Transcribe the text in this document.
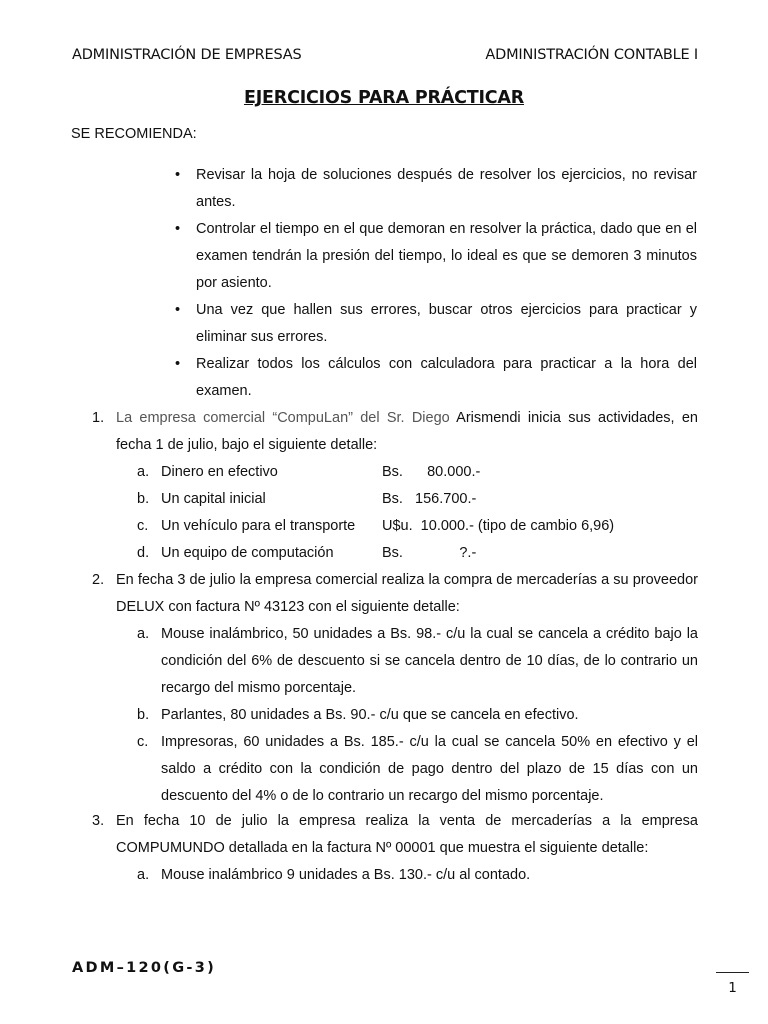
ADMINISTRACIÓN DE EMPRESAS	ADMINISTRACIÓN CONTABLE I
EJERCICIOS PARA PRÁCTICAR
SE RECOMIENDA:
• Revisar la hoja de soluciones después de resolver los ejercicios, no revisar antes.
• Controlar el tiempo en el que demoran en resolver la práctica, dado que en el examen tendrán la presión del tiempo, lo ideal es que se demoren 3 minutos por asiento.
• Una vez que hallen sus errores, buscar otros ejercicios para practicar y eliminar sus errores.
• Realizar todos los cálculos con calculadora para practicar a la hora del examen.
1. La empresa comercial “CompuLan” del Sr. Diego Arismendi inicia sus actividades, en fecha 1 de julio, bajo el siguiente detalle:
a. Dinero en efectivo	Bs.      80.000.-
b. Un capital inicial	Bs.   156.700.-
c. Un vehículo para el transporte U$u.  10.000.- (tipo de cambio 6,96)
d. Un equipo de computación	Bs.              ?.-
2. En fecha 3 de julio la empresa comercial realiza la compra de mercaderías a su proveedor DELUX con factura Nº 43123 con el siguiente detalle:
a. Mouse inalámbrico, 50 unidades a Bs. 98.- c/u la cual se cancela a crédito bajo la condición del 6% de descuento si se cancela dentro de 10 días, de lo contrario un recargo del mismo porcentaje.
b. Parlantes, 80 unidades a Bs. 90.- c/u que se cancela en efectivo.
c. Impresoras, 60 unidades a Bs. 185.- c/u la cual se cancela 50% en efectivo y el saldo a crédito con la condición de pago dentro del plazo de 15 días con un descuento del 4% o de lo contrario un recargo del mismo porcentaje.
3. En fecha 10 de julio la empresa realiza la venta de mercaderías a la empresa COMPUMUNDO detallada en la factura Nº 00001 que muestra el siguiente detalle:
a. Mouse inalámbrico 9 unidades a Bs. 130.- c/u al contado.
ADM–120(G-3)
1
